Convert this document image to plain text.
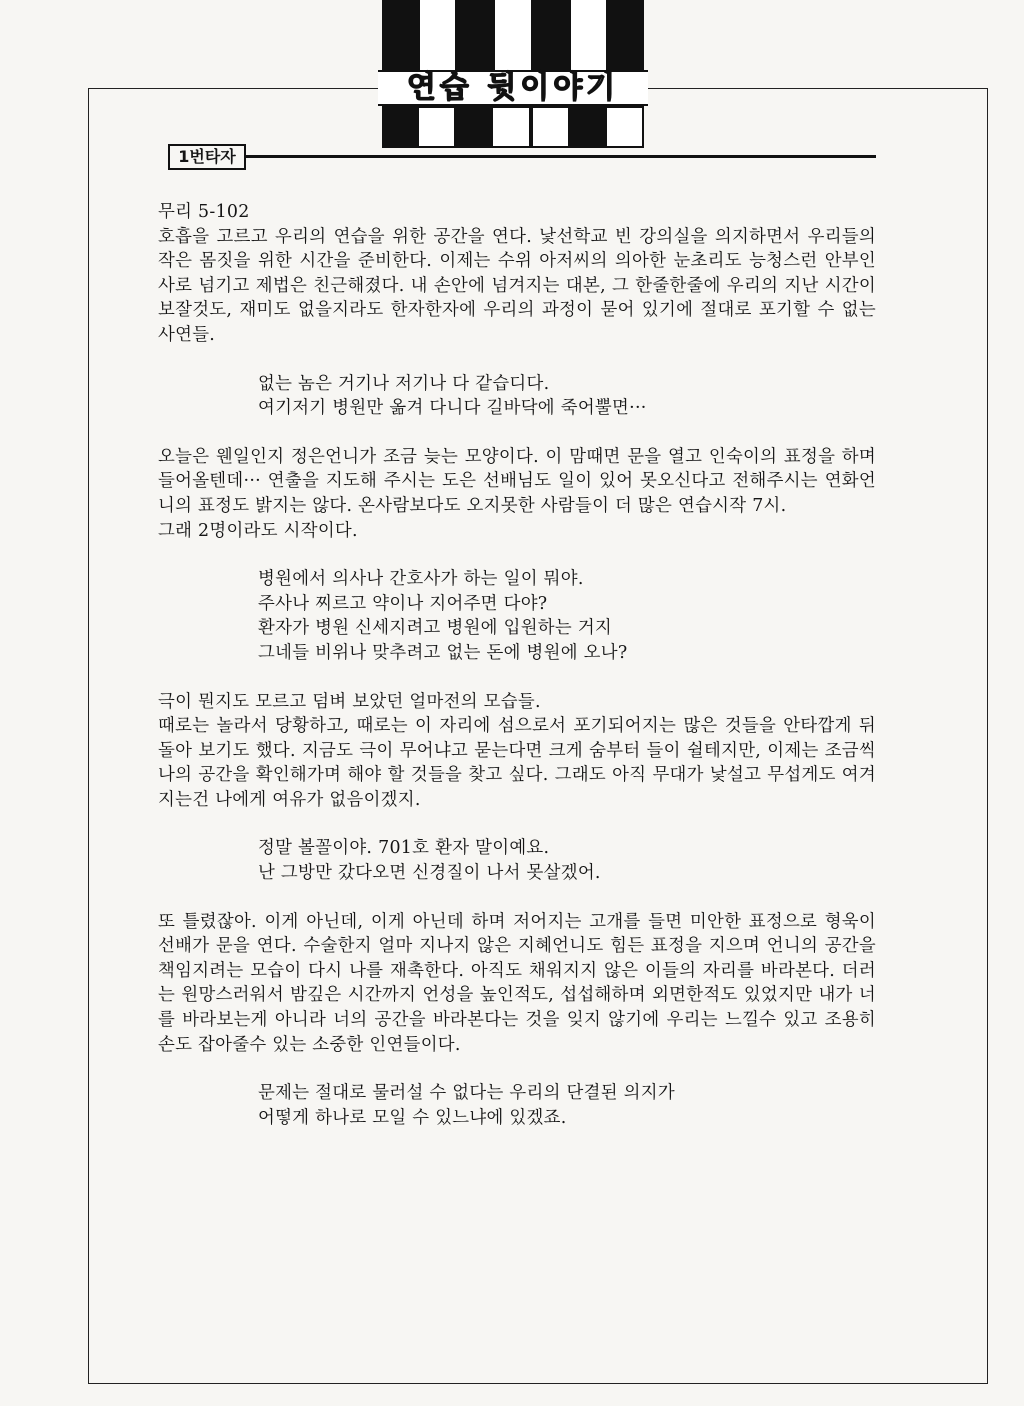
연습 뒷이야기
1번타자

무리 5-102

호흡을 고르고 우리의 연습을 위한 공간을 연다. 낯선학교 빈 강의실을 의지하면서 우리들의 작은 몸짓을 위한 시간을 준비한다. 이제는 수위 아저씨의 의아한 눈초리도 능청스런 안부인사로 넘기고 제법은 친근해졌다. 내 손안에 넘겨지는 대본, 그 한줄한줄에 우리의 지난 시간이 보잘것도, 재미도 없을지라도 한자한자에 우리의 과정이 묻어 있기에 절대로 포기할 수 없는 사연들.

없는 놈은 거기나 저기나 다 같습디다.
여기저기 병원만 옮겨 다니다 길바닥에 죽어뿔면···

오늘은 웬일인지 정은언니가 조금 늦는 모양이다. 이 맘때면 문을 열고 인숙이의 표정을 하며 들어올텐데··· 연출을 지도해 주시는 도은 선배님도 일이 있어 못오신다고 전해주시는 연화언니의 표정도 밝지는 않다. 온사람보다도 오지못한 사람들이 더 많은 연습시작 7시.

그래 2명이라도 시작이다.

병원에서 의사나 간호사가 하는 일이 뭐야.
주사나 찌르고 약이나 지어주면 다야?
환자가 병원 신세지려고 병원에 입원하는 거지
그네들 비위나 맞추려고 없는 돈에 병원에 오나?

극이 뭔지도 모르고 덤벼 보았던 얼마전의 모습들.

때로는 놀라서 당황하고, 때로는 이 자리에 섬으로서 포기되어지는 많은 것들을 안타깝게 뒤돌아 보기도 했다. 지금도 극이 무어냐고 묻는다면 크게 숨부터 들이 쉴테지만, 이제는 조금씩 나의 공간을 확인해가며 해야 할 것들을 찾고 싶다. 그래도 아직 무대가 낯설고 무섭게도 여겨지는건 나에게 여유가 없음이겠지.

정말 볼꼴이야. 701호 환자 말이예요.
난 그방만 갔다오면 신경질이 나서 못살겠어.

또 틀렸잖아. 이게 아닌데, 이게 아닌데 하며 저어지는 고개를 들면 미안한 표정으로 형욱이 선배가 문을 연다. 수술한지 얼마 지나지 않은 지혜언니도 힘든 표정을 지으며 언니의 공간을 책임지려는 모습이 다시 나를 재촉한다. 아직도 채워지지 않은 이들의 자리를 바라본다. 더러는 원망스러워서 밤깊은 시간까지 언성을 높인적도, 섭섭해하며 외면한적도 있었지만 내가 너를 바라보는게 아니라 너의 공간을 바라본다는 것을 잊지 않기에 우리는 느낄수 있고 조용히 손도 잡아줄수 있는 소중한 인연들이다.

문제는 절대로 물러설 수 없다는 우리의 단결된 의지가
어떻게 하나로 모일 수 있느냐에 있겠죠.
